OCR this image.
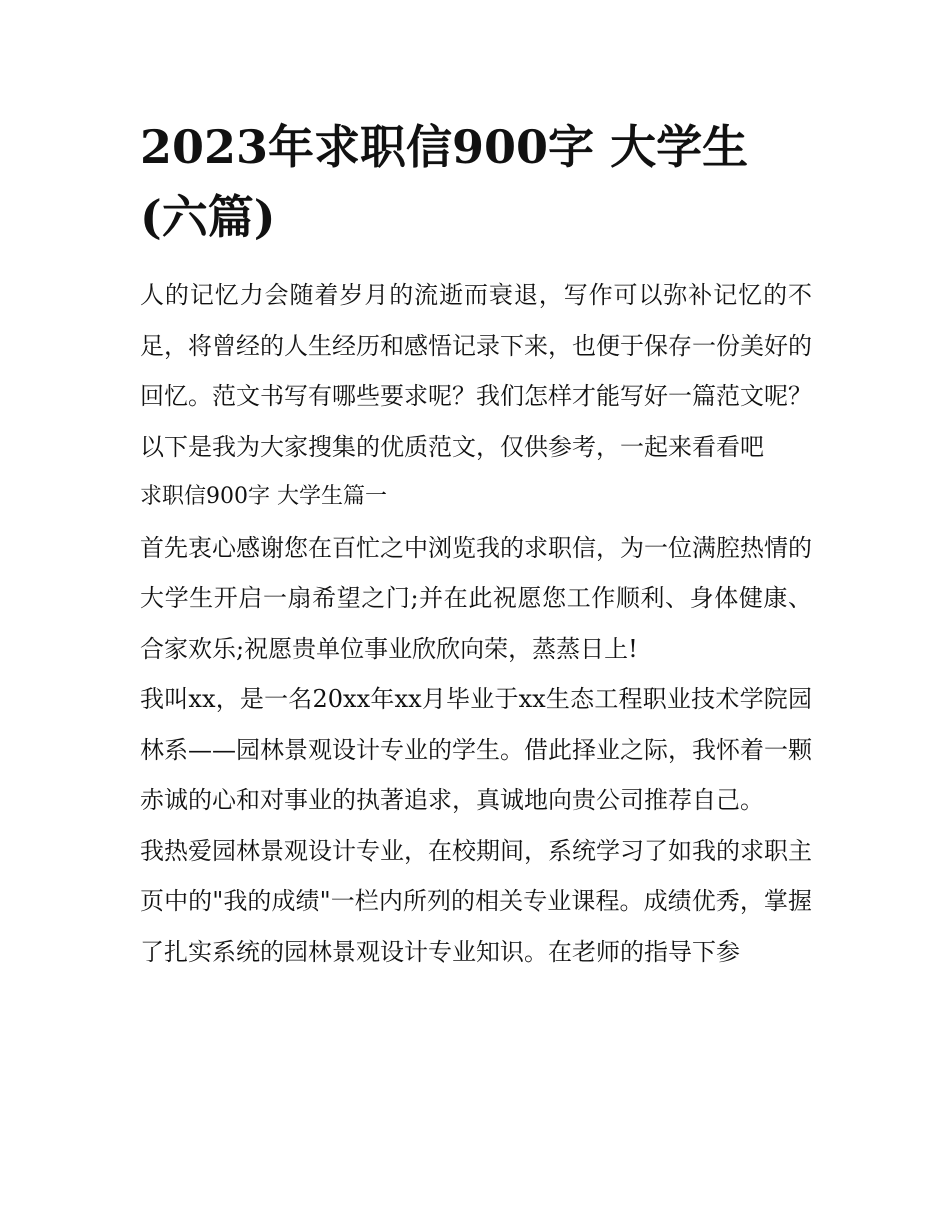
2023年求职信900字 大学生
(六篇)

人的记忆力会随着岁月的流逝而衰退，写作可以弥补记忆的不足，将曾经的人生经历和感悟记录下来，也便于保存一份美好的回忆。范文书写有哪些要求呢？我们怎样才能写好一篇范文呢？以下是我为大家搜集的优质范文，仅供参考，一起来看看吧

求职信900字 大学生篇一

首先衷心感谢您在百忙之中浏览我的求职信，为一位满腔热情的大学生开启一扇希望之门;并在此祝愿您工作顺利、身体健康、合家欢乐;祝愿贵单位事业欣欣向荣，蒸蒸日上!

我叫xx，是一名20xx年xx月毕业于xx生态工程职业技术学院园林系——园林景观设计专业的学生。借此择业之际，我怀着一颗赤诚的心和对事业的执著追求，真诚地向贵公司推荐自己。

我热爱园林景观设计专业，在校期间，系统学习了如我的求职主页中的"我的成绩"一栏内所列的相关专业课程。成绩优秀，掌握了扎实系统的园林景观设计专业知识。在老师的指导下参
